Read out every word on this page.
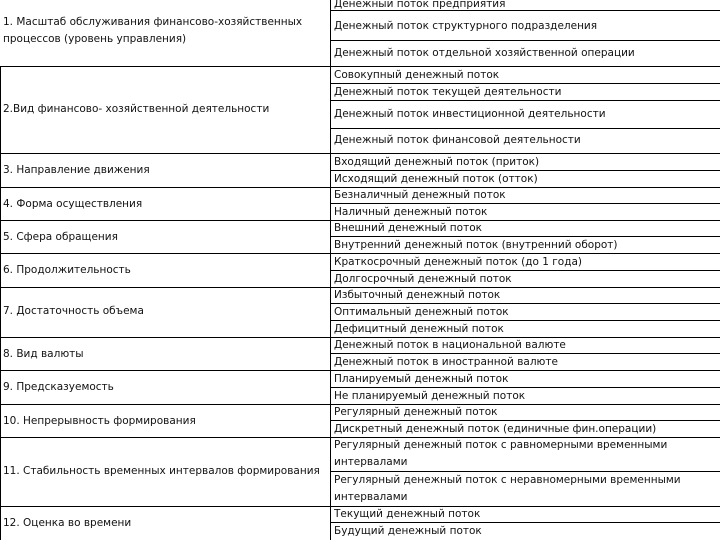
1. Масштаб обслуживания финансово-хозяйственных процессов (уровень управления)
Денежный поток предприятия
Денежный поток структурного подразделения
Денежный поток отдельной хозяйственной операции
2.Вид финансово- хозяйственной деятельности
Совокупный денежный поток
Денежный поток текущей деятельности
Денежный поток инвестиционной деятельности
Денежный поток финансовой деятельности
3. Направление движения
Входящий денежный поток (приток)
Исходящий денежный поток (отток)
4. Форма осуществления
Безналичный денежный поток
Наличный денежный поток
5. Сфера обращения
Внешний денежный поток
Внутренний денежный поток (внутренний оборот)
6. Продолжительность
Краткосрочный денежный поток (до 1 года)
Долгосрочный денежный поток
7. Достаточность объема
Избыточный денежный поток
Оптимальный денежный поток
Дефицитный денежный поток
8. Вид валюты
Денежный поток в национальной валюте
Денежный поток в иностранной валюте
9. Предсказуемость
Планируемый денежный поток
Не планируемый денежный поток
10. Непрерывность формирования
Регулярный денежный поток
Дискретный денежный поток (единичные фин.операции)
11. Стабильность временных интервалов формирования
Регулярный денежный поток с равномерными временными интервалами
Регулярный денежный поток с неравномерными временными интервалами
12. Оценка во времени
Текущий денежный поток
Будущий денежный поток
